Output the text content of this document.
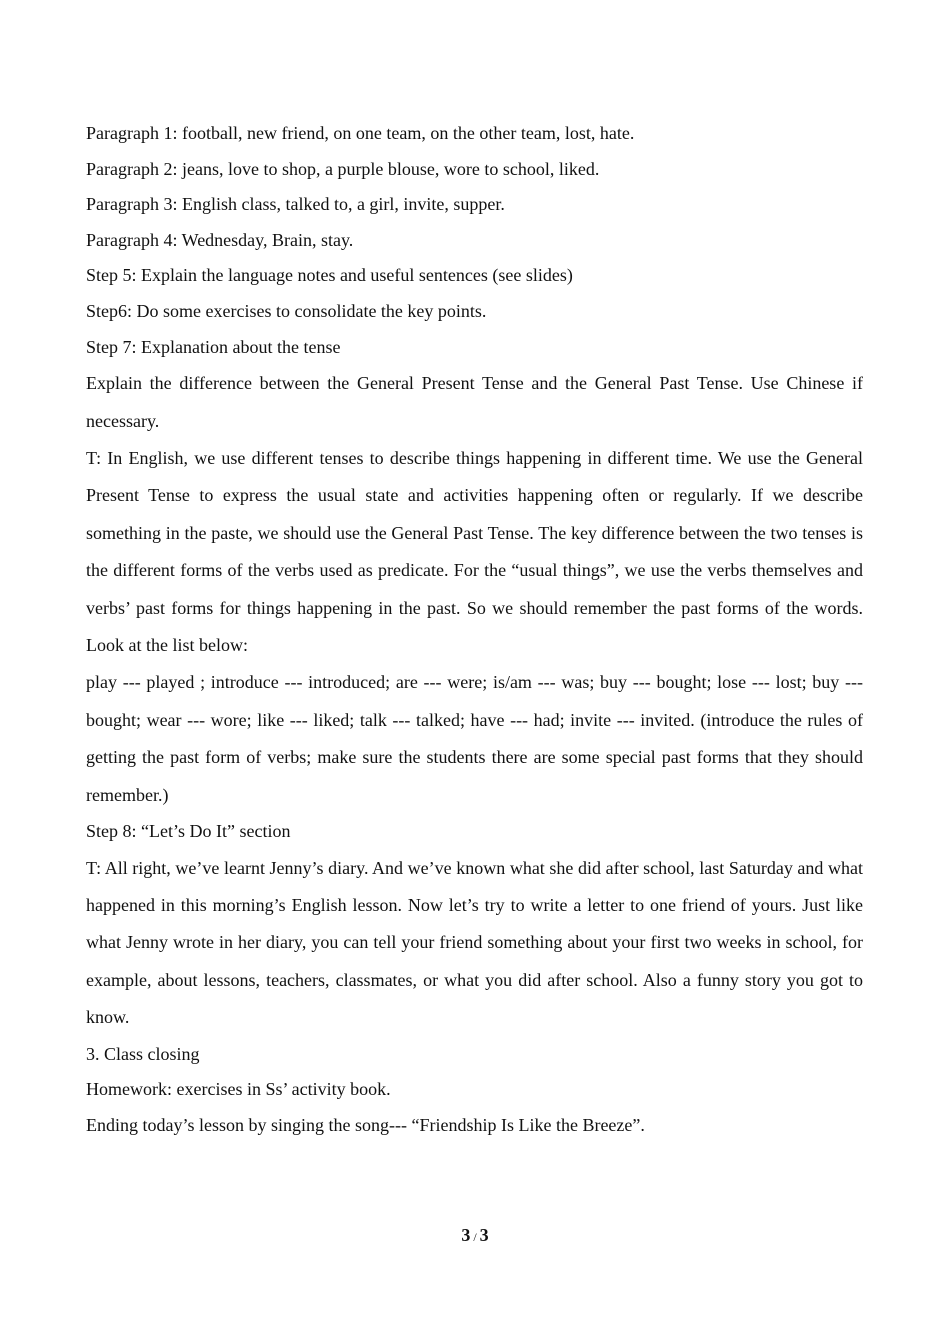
Paragraph 1: football, new friend, on one team, on the other team, lost, hate.

Paragraph 2: jeans, love to shop, a purple blouse, wore to school, liked.

Paragraph 3: English class, talked to, a girl, invite, supper.

Paragraph 4: Wednesday, Brain, stay.

Step 5: Explain the language notes and useful sentences (see slides)

Step6: Do some exercises to consolidate the key points.

Step 7: Explanation about the tense

Explain the difference between the General Present Tense and the General Past Tense. Use Chinese if necessary.

T: In English, we use different tenses to describe things happening in different time. We use the General Present Tense to express the usual state and activities happening often or regularly. If we describe something in the paste, we should use the General Past Tense. The key difference between the two tenses is the different forms of the verbs used as predicate. For the “usual things”, we use the verbs themselves and verbs’ past forms for things happening in the past. So we should remember the past forms of the words. Look at the list below:

play --- played ; introduce --- introduced; are --- were; is/am --- was; buy --- bought; lose --- lost; buy --- bought; wear --- wore; like --- liked; talk --- talked; have --- had; invite --- invited. (introduce the rules of getting the past form of verbs; make sure the students there are some special past forms that they should remember.)

Step 8: “Let’s Do It” section

T: All right, we’ve learnt Jenny’s diary. And we’ve known what she did after school, last Saturday and what happened in this morning’s English lesson. Now let’s try to write a letter to one friend of yours. Just like what Jenny wrote in her diary, you can tell your friend something about your first two weeks in school, for example, about lessons, teachers, classmates, or what you did after school. Also a funny story you got to know.

3. Class closing

Homework: exercises in Ss’ activity book.

Ending today’s lesson by singing the song--- “Friendship Is Like the Breeze”.

3 / 3
